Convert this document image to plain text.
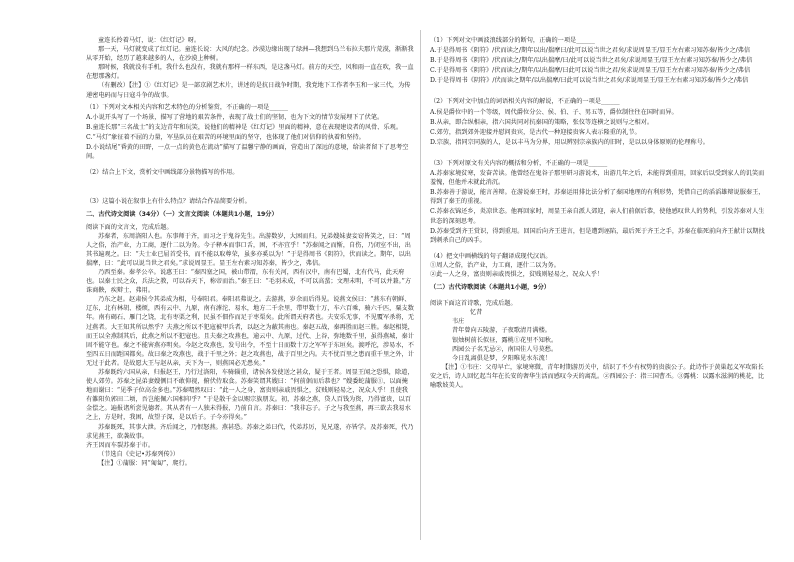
童连长拎着马灯，说：《红灯记》呀。

那一天，马灯就变成了红灯记。童连长说：大风的纪念。沙漠边缘出现了绿洲—我想到乌兰布拉夫那片荒漠，渐渐我从零开始，经历了越来越多的人，在沙漠上种树。

那时候，我就没有手机，我什么也没有，我就有那样一样东西，是这盏马灯。前方的天空，风和雨一直在吹，我一直在想那盏灯。

（有删改）【注】①《红灯记》是一部京剧艺术片，讲述的是抗日战争时期，我党地下工作者李玉和一家三代，为传递密电码而与日寇斗争的故事。

（1）下列对文本相关内容和艺术特色的分析鉴赏，不正确的一项是______

A.小说开头写了一个场景，描写了营地的艰苦条件，表现了战士们的坚韧，也为下文的情节发展埋下了伏笔。

B.童连长那“三名战士”的支边青年和玩笑，说他们的精神是《红灯记》里面的精神，意在表现建设者的风骨、乐观。

C.“马灯”象征着不屈的力量，军垦队员在艰苦的环境里面的坚守，也体现了他们对信仰的执着和坚持。

D.小说结尾“昏黄的田野，一点一点的黄色在流动”描写了温馨宁静的画面，营造出了深远的意境，给读者留下了思考空间。

（2）结合上下文，赏析文中画线部分景物描写的作用。

（3）这篇小说在叙事上有什么特点？请结合作品简要分析。

二、古代诗文阅读（34分）（一）文言文阅读（本题共1小题，19分）

阅读下面的文言文，完成后题。

苏秦者，东周洛阳人也。东事师于齐，而习之于鬼谷先生。出游数岁，大困而归。兄弟嫂妹妻妾窃皆笑之，曰：“周人之俗，治产业，力工商，逐什二以为务。今子释本而事口舌，困，不亦宜乎！”苏秦闻之而惭，自伤，乃闭室不出，出其书遍观之。曰：“夫士业已屈首受书，而不能以取尊荣，虽多亦奚以为！”于是得周书《阴符》，伏而读之。期年，以出揣摩，曰：“此可以说当世之君矣。”求说周显王。显王左右素习知苏秦，皆少之，弗信。

乃西至秦。秦孝公卒。说惠王曰：“秦四塞之国，被山带渭，东有关河，西有汉中，南有巴蜀，北有代马，此天府也。以秦士民之众，兵法之教，可以吞天下，称帝而治。”秦王曰：“毛羽未成，不可以高蜚；文理未明，不可以并兼。”方诛商鞅，疾辩士，弗用。

乃东之赵。赵肃侯令其弟成为相，号奉阳君。奉阳君弗说之。去游燕，岁余而后得见。说燕文侯曰：“燕东有朝鲜、辽东，北有林胡、楼烦，西有云中、九原，南有滹沱、易水，地方二千余里，带甲数十万，车六百乘，骑六千匹，粟支数年。南有碣石、雁门之饶，北有枣栗之利，民虽不佃作而足于枣栗矣。此所谓天府者也。夫安乐无事，不见覆军杀将，无过燕者。大王知其所以然乎？夫燕之所以不犯寇被甲兵者，以赵之为蔽其南也。秦赵五战，秦再胜而赵三胜。秦赵相毙，而王以全燕制其后，此燕之所以不犯寇也。且夫秦之攻燕也，逾云中、九原，过代、上谷，弥地数千里，虽得燕城，秦计固不能守也。秦之不能害燕亦明矣。今赵之攻燕也，发号出令，不至十日而数十万之军军于东垣矣。渡呼沱，涉易水，不至四五日而距国都矣。故曰秦之攻燕也，战于千里之外；赵之攻燕也，战于百里之内。夫不忧百里之患而重千里之外，计无过于此者。是故愿大王与赵从亲，天下为一，则燕国必无患矣。”

苏秦既约六国从亲，归报赵王，乃行过洛阳，车骑辎重，诸侯各发使送之甚众，疑于王者。周显王闻之恐惧，除道，使人郊劳。苏秦之昆弟妻嫂侧目不敢仰视，俯伏侍取食。苏秦笑谓其嫂曰：“何前倨而后恭也？”嫂委蛇蒲服①，以面掩地而谢曰：“见季子位高金多也。”苏秦喟然叹曰：“此一人之身，富贵则亲戚畏惧之，贫贱则轻易之，况众人乎！且使我有雒阳负郭田二顷，吾岂能佩六国相印乎？”于是散千金以赐宗族朋友。初，苏秦之燕，贷人百钱为资，乃得富贵，以百金偿之。遍报诸所尝见德者。其从者有一人独未得报，乃前自言。苏秦曰：“我非忘子。子之与我至燕，再三欲去我易水之上，方是时，我困，故望子深，是以后子。子今亦得矣。”

苏秦既死，其事大泄。齐后闻之，乃恨怒燕。燕甚恐。苏秦之弟曰代，代弟苏厉，见兄遂，亦皆学。及苏秦死，代乃求见燕王，欲袭故事。

齐王因而车裂苏秦于市。

（节选自《史记•苏秦列传》）

【注】①蒲服：同“匍匐”，爬行。

（1）下列对文中画波浪线部分的断句，正确的一项是______

A.于是得周书《阴符》/伏而读之/期年以出/揣摩曰/此可以说当世之君矣/求说周显王/显王左右素习知苏秦/皆少之/弗信

B.于是得周书《阴符》/伏而读之/期年/以出揣摩/曰/此可以说当世之君矣/求说周显王/显王左右素习知苏秦/皆少之/弗信

C.于是得周书《阴符》/伏而读之/期年/以出揣摩/曰此可以说当世之君/矣求说周显王/显王左右素习知苏秦/皆少之/弗信

D.于是得周书《阴符》/伏而读之期年/以出揣摩/曰此可以说当世之君矣/求说周显王/显王左右素习知苏秦/皆少之/弗信

（2）下列对文中加点的词语相关内容的解说，不正确的一项是______

A.侯是爵位中的一个等级，周代爵位分公、侯、伯、子、男五等，爵位制往往在国时而异。

B.从亲，即合纵相亲，指六国共同对抗秦国的策略，张仪等连横之说则与之相对。

C.郊劳，指到郊外迎接并慰问贵宾，是古代一种迎接贵客人表示隆重的礼节。

D.宗族，指同宗同族的人，是以丰马为分界，用以辨别宗亲族内的旧时，是以以身体原则的伦理称号。

（3）下列对原文有关内容的概括和分析，不正确的一项是______

A.苏秦家境贫寒，发奋苦读。他曾经在鬼谷子那里研习游说术，出游几年之后，未能得到重用，回家后以受到家人的讥笑而羞愧，但他并未就此消沉。

B.苏秦善于游说，能言善辩。在游说秦王时，苏秦运用排比法分析了秦国地理的有利形势，凭借自己的滔滔雄辩说服秦王，得到了秦王的重视。

C.苏秦衣锦还乡，炎凉世态。他再回家时，周显王亲自派人郊迎，亲人们前倨后恭，使他感叹世人的势利，引发苏秦对人生世态的深刻思考。

D.苏秦受到齐王赏识，得到重用。回国后向齐王进言，但是遭到诬陷，最后死于齐王之手，苏秦在临死前向齐王献计以期找到刺杀自己的凶手。

（4）把文中画横线的句子翻译成现代汉语。

①周人之俗，治产业，力工商，逐什二以为务。

②此一人之身，富贵则亲戚畏惧之，贫贱则轻易之，况众人乎！

（二）古代诗歌阅读（本题共1小题，9分）

阅读下面这首诗歌，完成后题。

忆昔

韦庄

昔年曾向五陵游，子夜歌清月满楼。

银烛树前长似昼，露桃①花里不知秋。

西园公子名无忌②，南国佳人号莫愁。

今日乱离俱是梦，夕阳唯见水东流！

【注】①韦庄：父母早亡，家境寒微，青年时期游历关中，结识了不少有权势的贵族公子。此诗作于黄巢起义军攻陷长安之后，诗人回忆起当年在长安的奢华生活而感叹今天的离乱。②西园公子：指三国曹丕。③露桃：以露水滋润的桃花，比喻歌妓美人。
